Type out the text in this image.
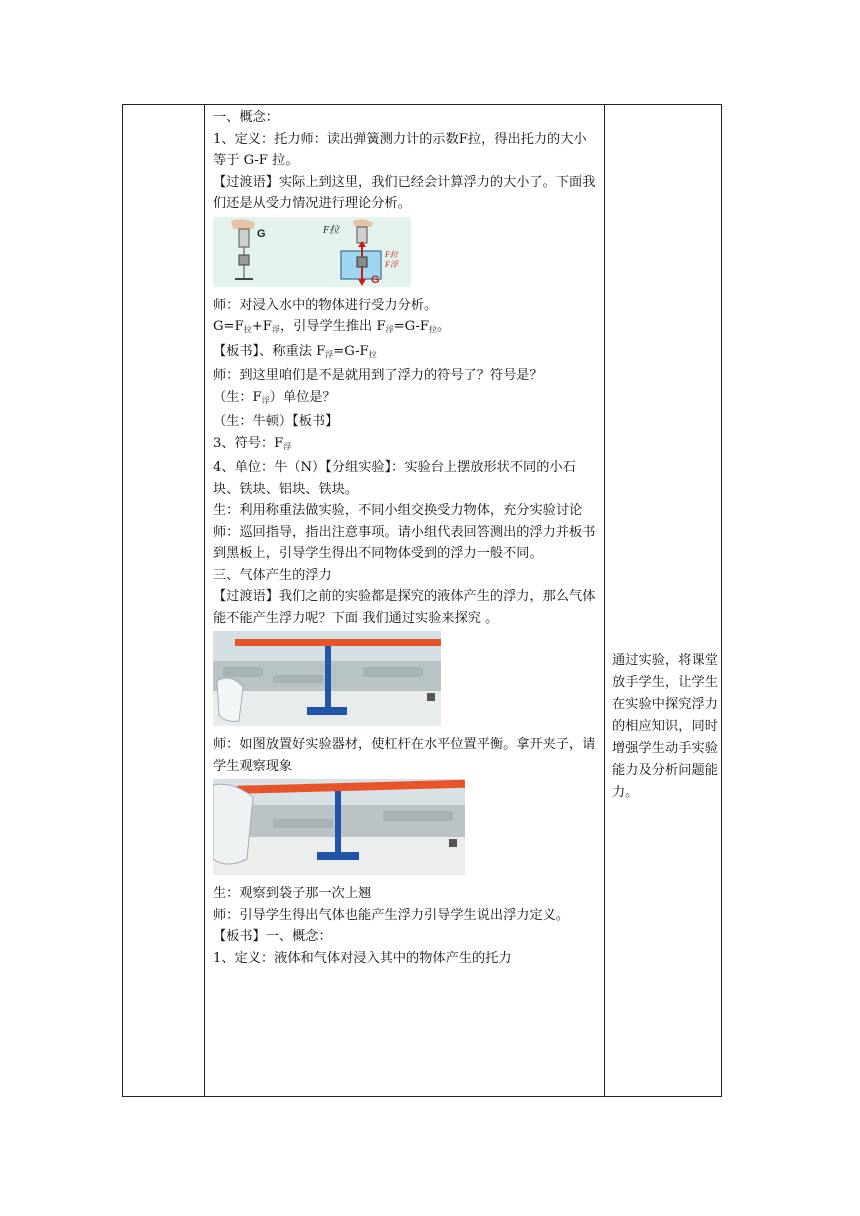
一、概念：

1、定义：托力师：读出弹簧测力计的示数F拉，得出托力的大小等于 G-F 拉。

【过渡语】实际上到这里，我们已经会计算浮力的大小了。下面我们还是从受力情况进行理论分析。

G	F拉
F拉
F浮
G

师：对浸入水中的物体进行受力分析。

$G=F_拉+F_浮$，引导学生推出 $F_浮=G-F_拉$。

【板书】、称重法 $F_浮=G-F_拉$

师：到这里咱们是不是就用到了浮力的符号了？符号是？

（生：$F_浮$）单位是？

（生：牛顿）【板书】

3、符号：$F_浮$

4、单位：牛（N）【分组实验】：实验台上摆放形状不同的小石块、铁块、铝块、铁块。

生：利用称重法做实验，不同小组交换受力物体，充分实验讨论

师：巡回指导，指出注意事项。请小组代表回答测出的浮力并板书到黑板上，引导学生得出不同物体受到的浮力一般不同。

三、气体产生的浮力

【过渡语】我们之前的实验都是探究的液体产生的浮力，那么气体能不能产生浮力呢？下面 我们通过实验来探究 。

师：如图放置好实验器材，使杠杆在水平位置平衡。拿开夹子，请学生观察现象

生：观察到袋子那一次上翘

师：引导学生得出气体也能产生浮力引导学生说出浮力定义。

【板书】一、概念：

1、定义：液体和气体对浸入其中的物体产生的托力

通过实验，将课堂放手学生，让学生在实验中探究浮力的相应知识，同时增强学生动手实验能力及分析问题能力。
